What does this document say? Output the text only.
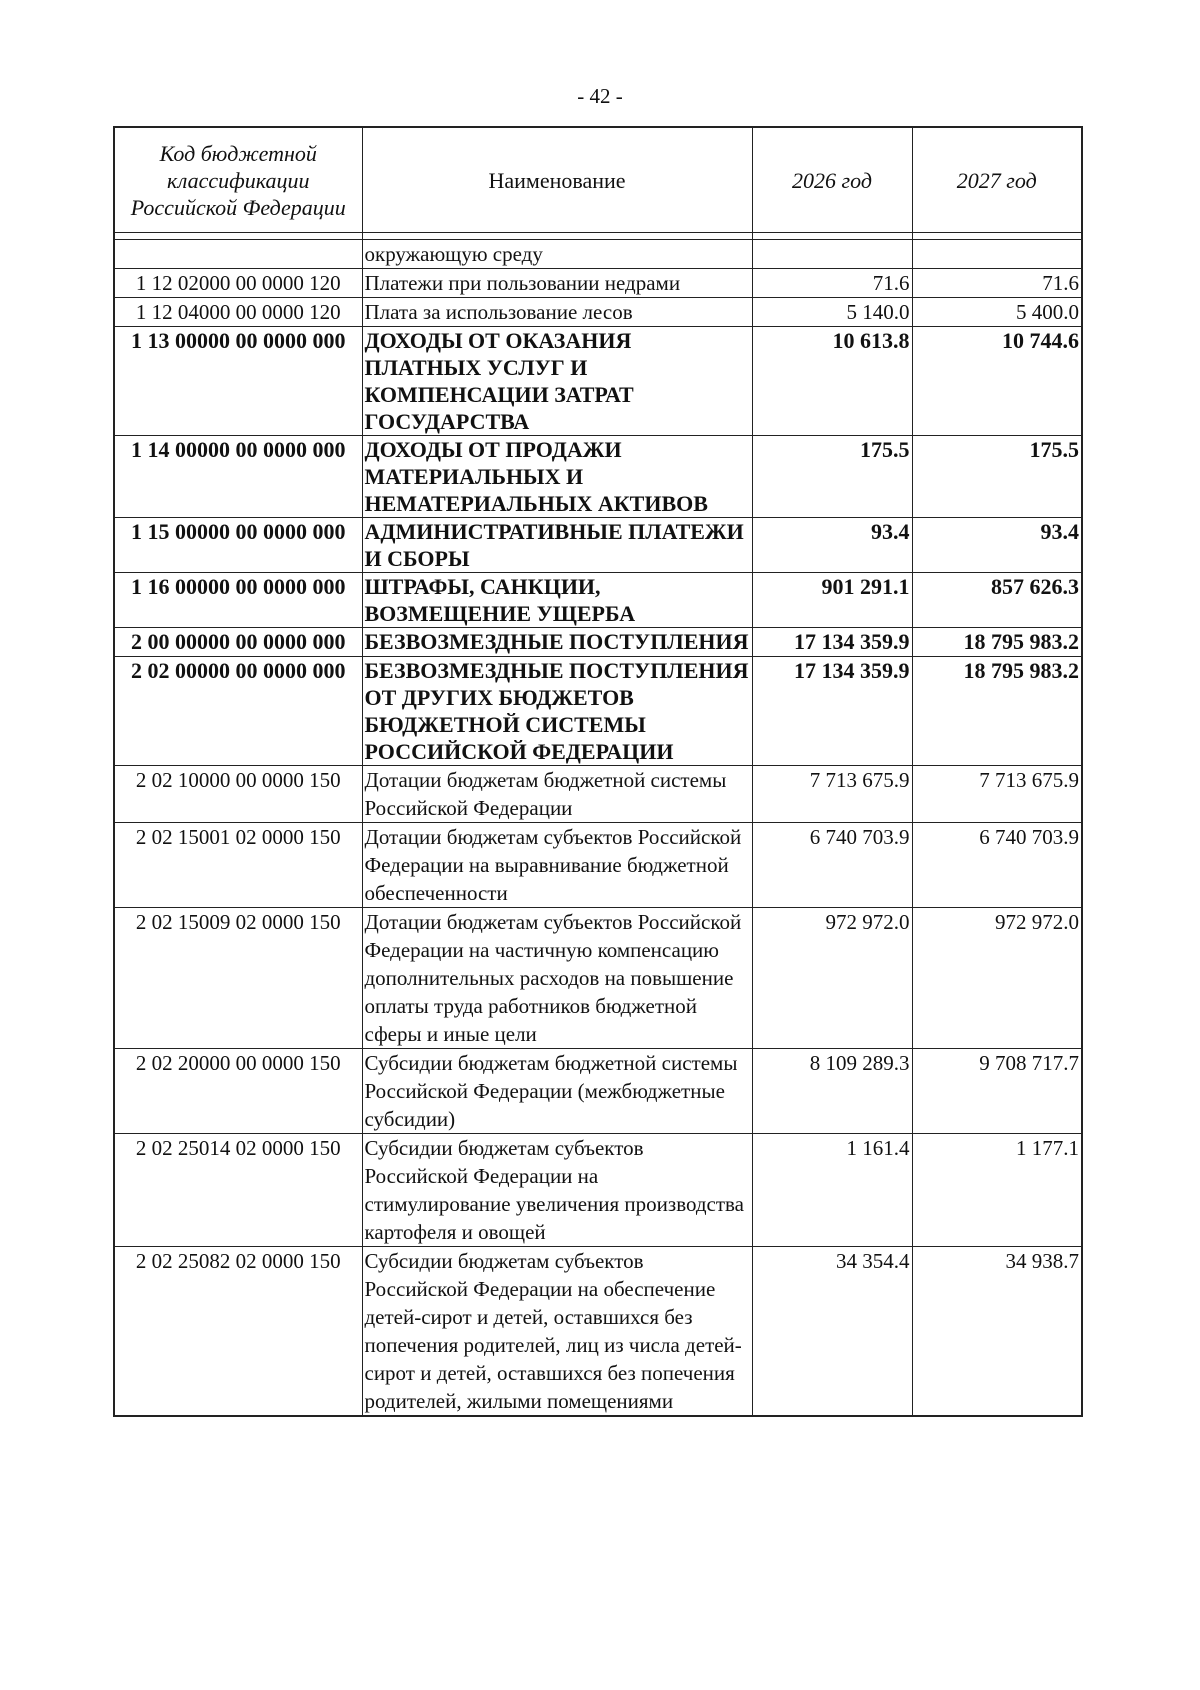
- 42 -
Код бюджетной классификации Российской Федерации	Наименование	2026 год	2027 год

	окружающую среду		
1 12 02000 00 0000 120	Платежи при пользовании недрами	71.6	71.6
1 12 04000 00 0000 120	Плата за использование лесов	5 140.0	5 400.0
1 13 00000 00 0000 000	ДОХОДЫ ОТ ОКАЗАНИЯ ПЛАТНЫХ УСЛУГ И КОМПЕНСАЦИИ ЗАТРАТ ГОСУДАРСТВА	10 613.8	10 744.6
1 14 00000 00 0000 000	ДОХОДЫ ОТ ПРОДАЖИ МАТЕРИАЛЬНЫХ И НЕМАТЕРИАЛЬНЫХ АКТИВОВ	175.5	175.5
1 15 00000 00 0000 000	АДМИНИСТРАТИВНЫЕ ПЛАТЕЖИ И СБОРЫ	93.4	93.4
1 16 00000 00 0000 000	ШТРАФЫ, САНКЦИИ, ВОЗМЕЩЕНИЕ УЩЕРБА	901 291.1	857 626.3
2 00 00000 00 0000 000	БЕЗВОЗМЕЗДНЫЕ ПОСТУПЛЕНИЯ	17 134 359.9	18 795 983.2
2 02 00000 00 0000 000	БЕЗВОЗМЕЗДНЫЕ ПОСТУПЛЕНИЯ ОТ ДРУГИХ БЮДЖЕТОВ БЮДЖЕТНОЙ СИСТЕМЫ РОССИЙСКОЙ ФЕДЕРАЦИИ	17 134 359.9	18 795 983.2
2 02 10000 00 0000 150	Дотации бюджетам бюджетной системы Российской Федерации	7 713 675.9	7 713 675.9
2 02 15001 02 0000 150	Дотации бюджетам субъектов Российской Федерации на выравнивание бюджетной обеспеченности	6 740 703.9	6 740 703.9
2 02 15009 02 0000 150	Дотации бюджетам субъектов Российской Федерации на частичную компенсацию дополнительных расходов на повышение оплаты труда работников бюджетной сферы и иные цели	972 972.0	972 972.0
2 02 20000 00 0000 150	Субсидии бюджетам бюджетной системы Российской Федерации (межбюджетные субсидии)	8 109 289.3	9 708 717.7
2 02 25014 02 0000 150	Субсидии бюджетам субъектов Российской Федерации на стимулирование увеличения производства картофеля и овощей	1 161.4	1 177.1
2 02 25082 02 0000 150	Субсидии бюджетам субъектов Российской Федерации на обеспечение детей-сирот и детей, оставшихся без попечения родителей, лиц из числа детей-сирот и детей, оставшихся без попечения родителей, жилыми помещениями	34 354.4	34 938.7
